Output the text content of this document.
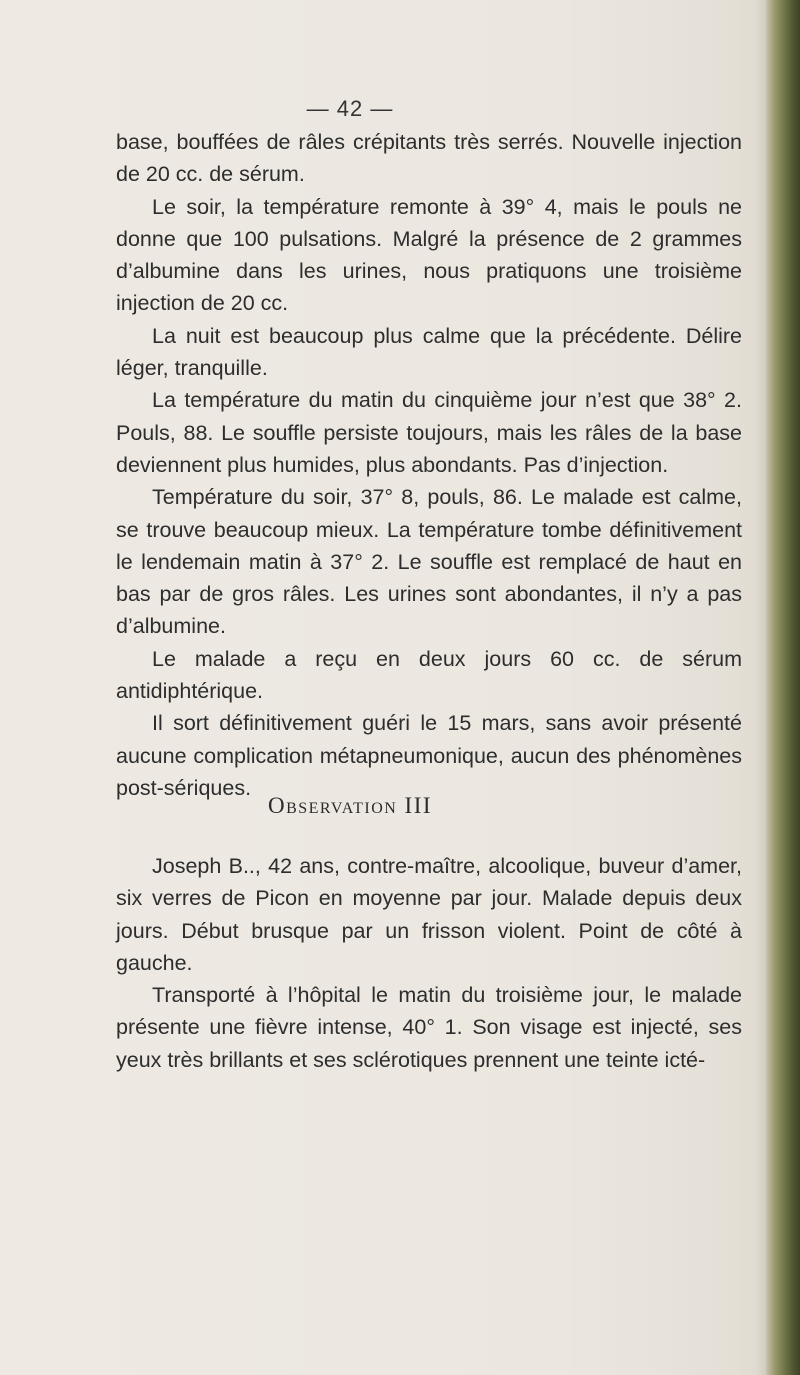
— 42 —

base, bouffées de râles crépitants très serrés. Nouvelle injection de 20 cc. de sérum.

Le soir, la température remonte à 39° 4, mais le pouls ne donne que 100 pulsations. Malgré la présence de 2 grammes d’albumine dans les urines, nous pratiquons une troisième injection de 20 cc.

La nuit est beaucoup plus calme que la précédente. Délire léger, tranquille.

La température du matin du cinquième jour n’est que 38° 2. Pouls, 88. Le souffle persiste toujours, mais les râles de la base deviennent plus humides, plus abondants. Pas d’injection.

Température du soir, 37° 8, pouls, 86. Le malade est calme, se trouve beaucoup mieux. La température tombe définitivement le lendemain matin à 37° 2. Le souffle est remplacé de haut en bas par de gros râles. Les urines sont abondantes, il n’y a pas d’albumine.

Le malade a reçu en deux jours 60 cc. de sérum antidiphtérique.

Il sort définitivement guéri le 15 mars, sans avoir présenté aucune complication métapneumonique, aucun des phénomènes post-sériques.

Observation III

Joseph B.., 42 ans, contre-maître, alcoolique, buveur d’amer, six verres de Picon en moyenne par jour. Malade depuis deux jours. Début brusque par un frisson violent. Point de côté à gauche.

Transporté à l’hôpital le matin du troisième jour, le malade présente une fièvre intense, 40° 1. Son visage est injecté, ses yeux très brillants et ses sclérotiques prennent une teinte icté-
